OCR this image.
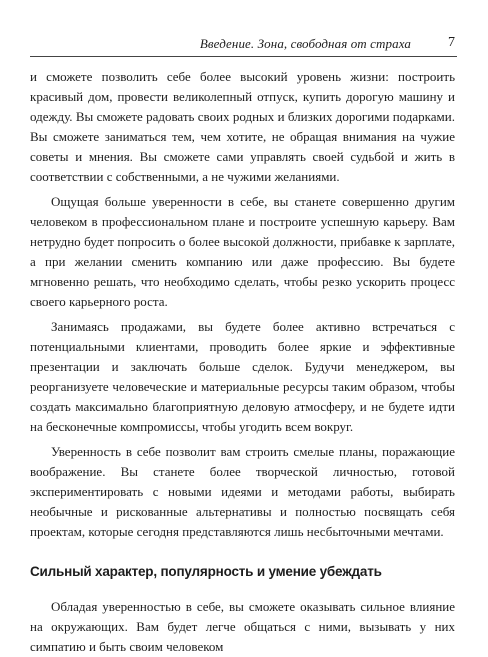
Введение. Зона, свободная от страха	7

и сможете позволить себе более высокий уровень жизни: построить красивый дом, провести великолепный отпуск, купить дорогую машину и одежду. Вы сможете радовать своих родных и близких дорогими подарками. Вы сможете заниматься тем, чем хотите, не обращая внимания на чужие советы и мнения. Вы сможете сами управлять своей судьбой и жить в соответствии с собственными, а не чужими желаниями.

Ощущая больше уверенности в себе, вы станете совершенно другим человеком в профессиональном плане и построите успешную карьеру. Вам нетрудно будет попросить о более высокой должности, прибавке к зарплате, а при желании сменить компанию или даже профессию. Вы будете мгновенно решать, что необходимо сделать, чтобы резко ускорить процесс своего карьерного роста.

Занимаясь продажами, вы будете более активно встречаться с потенциальными клиентами, проводить более яркие и эффективные презентации и заключать больше сделок. Будучи менеджером, вы реорганизуете человеческие и материальные ресурсы таким образом, чтобы создать максимально благоприятную деловую атмосферу, и не будете идти на бесконечные компромиссы, чтобы угодить всем вокруг.

Уверенность в себе позволит вам строить смелые планы, поражающие воображение. Вы станете более творческой личностью, готовой экспериментировать с новыми идеями и методами работы, выбирать необычные и рискованные альтернативы и полностью посвящать себя проектам, которые сегодня представляются лишь несбыточными мечтами.

Сильный характер, популярность и умение убеждать

Обладая уверенностью в себе, вы сможете оказывать сильное влияние на окружающих. Вам будет легче общаться с ними, вызывать у них симпатию и быть своим человеком
